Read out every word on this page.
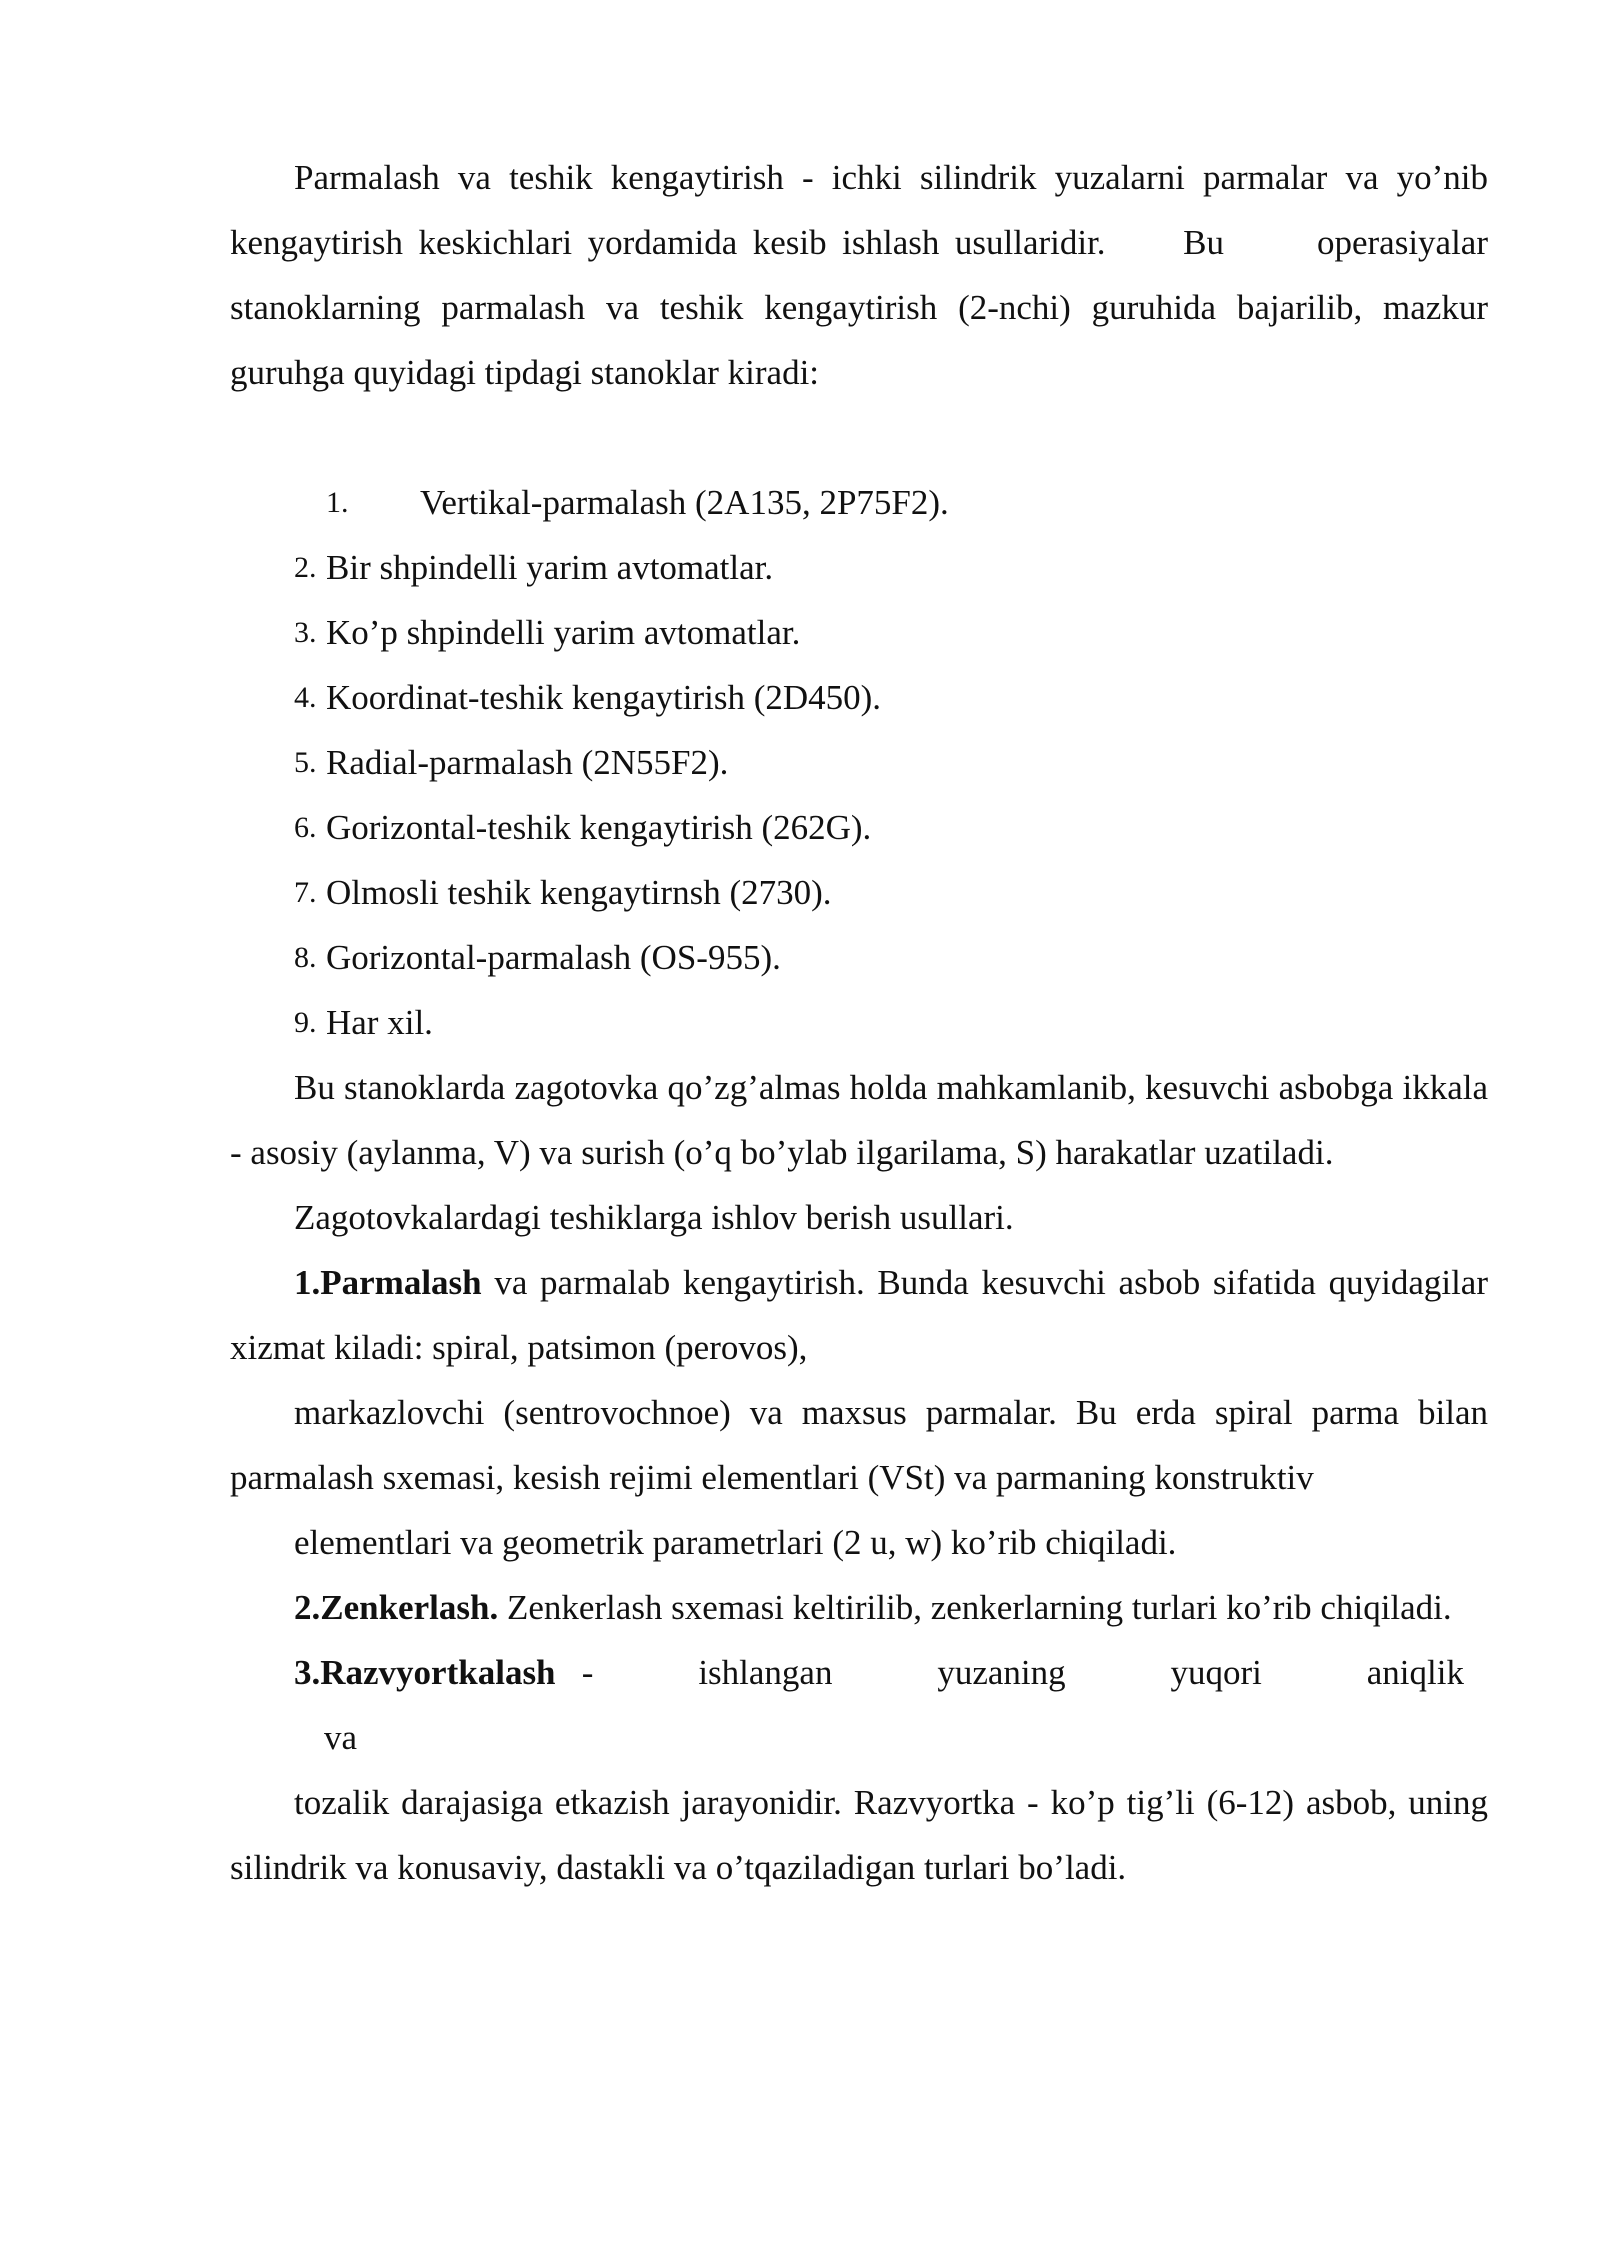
Parmalash va teshik kengaytirish - ichki silindrik yuzalarni parmalar va yo’nib kengaytirish keskichlari yordamida kesib ishlash usullaridir.     Bu      operasiyalar stanoklarning parmalash va teshik kengaytirish (2-nchi) guruhida bajarilib, mazkur guruhga quyidagi tipdagi stanoklar kiradi:

1. Vertikal-parmalash (2A135, 2P75F2).

2. Bir shpindelli yarim avtomatlar.

3. Ko’p shpindelli yarim avtomatlar.

4. Koordinat-teshik kengaytirish (2D450).

5. Radial-parmalash (2N55F2).

6. Gorizontal-teshik kengaytirish (262G).

7. Olmosli teshik kengaytirnsh (2730).

8. Gorizontal-parmalash (OS-955).

9. Har xil.

Bu stanoklarda zagotovka qo’zg’almas holda mahkamlanib, kesuvchi asbobga ikkala - asosiy (aylanma, V) va surish (o’q bo’ylab ilgarilama, S) harakatlar uzatiladi.

Zagotovkalardagi teshiklarga ishlov berish usullari.

1.Parmalash va parmalab kengaytirish. Bunda kesuvchi asbob sifatida quyidagilar xizmat kiladi: spiral, patsimon (perovos),

markazlovchi (sentrovochnoe) va maxsus parmalar. Bu erda spiral parma bilan parmalash sxemasi, kesish rejimi elementlari (VSt) va parmaning konstruktiv

elementlari va geometrik parametrlari (2 u, w) ko’rib chiqiladi.

2.Zenkerlash. Zenkerlash sxemasi keltirilib, zenkerlarning turlari ko’rib chiqiladi.

3.Razvyortkalash -	ishlangan	yuzaning	yuqori	aniqlik

va

tozalik darajasiga etkazish jarayonidir. Razvyortka - ko’p tig’li (6-12) asbob, uning silindrik va konusaviy, dastakli va o’tqaziladigan turlari bo’ladi.
